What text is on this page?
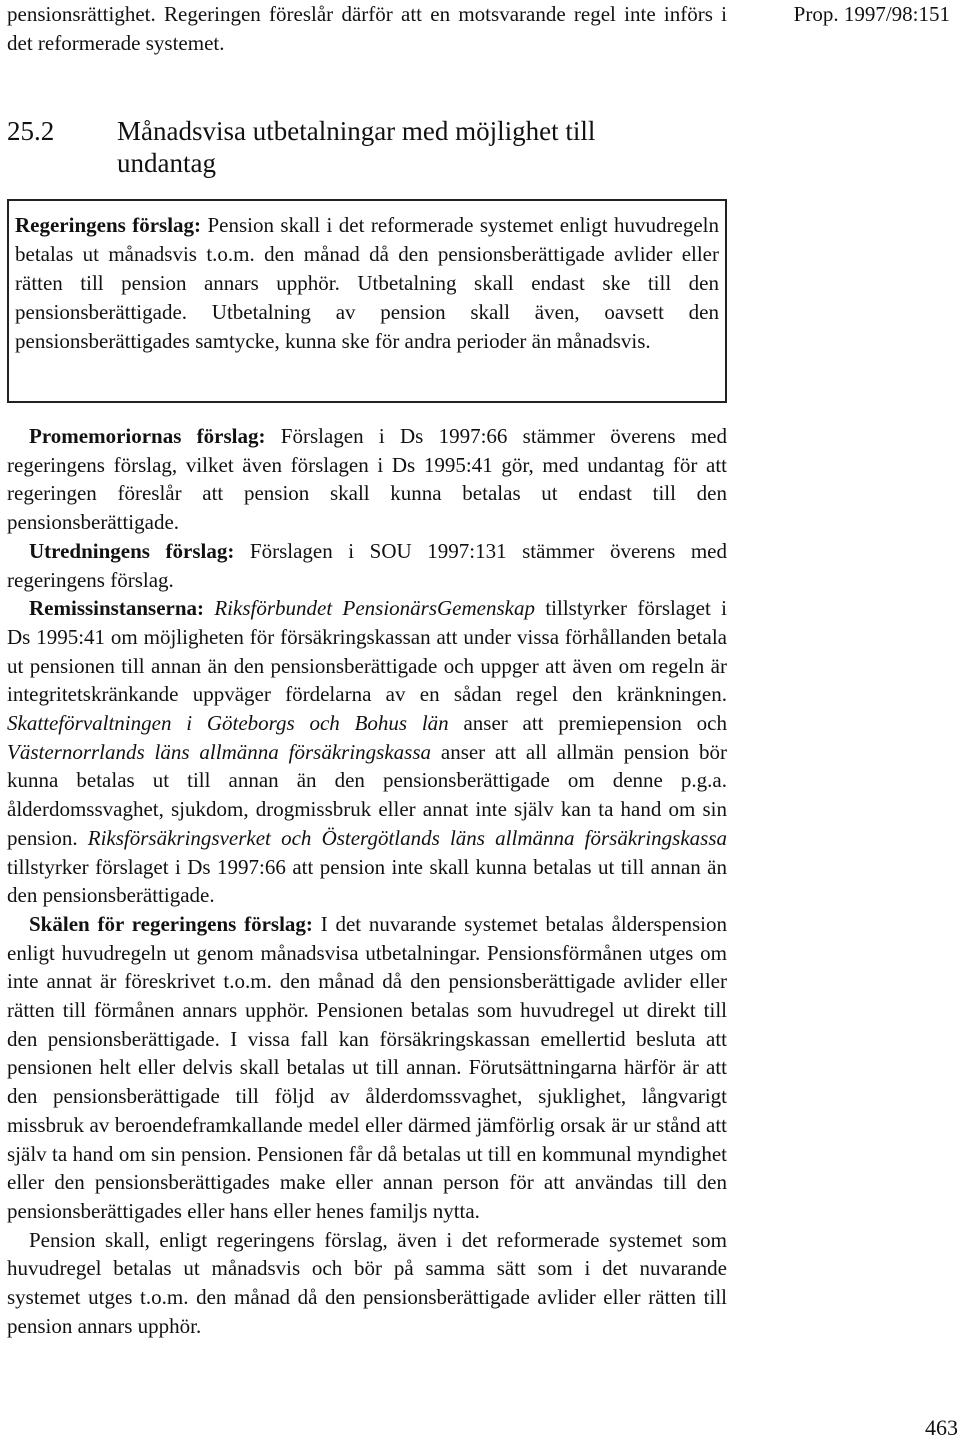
pensionsrättighet. Regeringen föreslår därför att en motsvarande regel inte införs i det reformerade systemet.
Prop. 1997/98:151
25.2	Månadsvisa utbetalningar med möjlighet till undantag
Regeringens förslag: Pension skall i det reformerade systemet enligt huvudregeln betalas ut månadsvis t.o.m. den månad då den pensionsberättigade avlider eller rätten till pension annars upphör. Utbetalning skall endast ske till den pensionsberättigade. Utbetalning av pension skall även, oavsett den pensionsberättigades samtycke, kunna ske för andra perioder än månadsvis.

Promemoriornas förslag: Förslagen i Ds 1997:66 stämmer överens med regeringens förslag, vilket även förslagen i Ds 1995:41 gör, med undantag för att regeringen föreslår att pension skall kunna betalas ut endast till den pensionsberättigade.

Utredningens förslag: Förslagen i SOU 1997:131 stämmer överens med regeringens förslag.

Remissinstanserna: Riksförbundet PensionärsGemenskap tillstyrker förslaget i Ds 1995:41 om möjligheten för försäkringskassan att under vissa förhållanden betala ut pensionen till annan än den pensionsberättigade och uppger att även om regeln är integritetskränkande uppväger fördelarna av en sådan regel den kränkningen. Skatteförvaltningen i Göteborgs och Bohus län anser att premiepension och Västernorrlands läns allmänna försäkringskassa anser att all allmän pension bör kunna betalas ut till annan än den pensionsberättigade om denne p.g.a. ålderdomssvaghet, sjukdom, drogmissbruk eller annat inte själv kan ta hand om sin pension. Riksförsäkringsverket och Östergötlands läns allmänna försäkringskassa tillstyrker förslaget i Ds 1997:66 att pension inte skall kunna betalas ut till annan än den pensionsberättigade.

Skälen för regeringens förslag: I det nuvarande systemet betalas ålderspension enligt huvudregeln ut genom månadsvisa utbetalningar. Pensionsförmånen utges om inte annat är föreskrivet t.o.m. den månad då den pensionsberättigade avlider eller rätten till förmånen annars upphör. Pensionen betalas som huvudregel ut direkt till den pensionsberättigade. I vissa fall kan försäkringskassan emellertid besluta att pensionen helt eller delvis skall betalas ut till annan. Förutsättningarna härför är att den pensionsberättigade till följd av ålderdomssvaghet, sjuklighet, långvarigt missbruk av beroendeframkallande medel eller därmed jämförlig orsak är ur stånd att själv ta hand om sin pension. Pensionen får då betalas ut till en kommunal myndighet eller den pensionsberättigades make eller annan person för att användas till den pensionsberättigades eller hans eller henes familjs nytta.

Pension skall, enligt regeringens förslag, även i det reformerade systemet som huvudregel betalas ut månadsvis och bör på samma sätt som i det nuvarande systemet utges t.o.m. den månad då den pensionsberättigade avlider eller rätten till pension annars upphör.

463
